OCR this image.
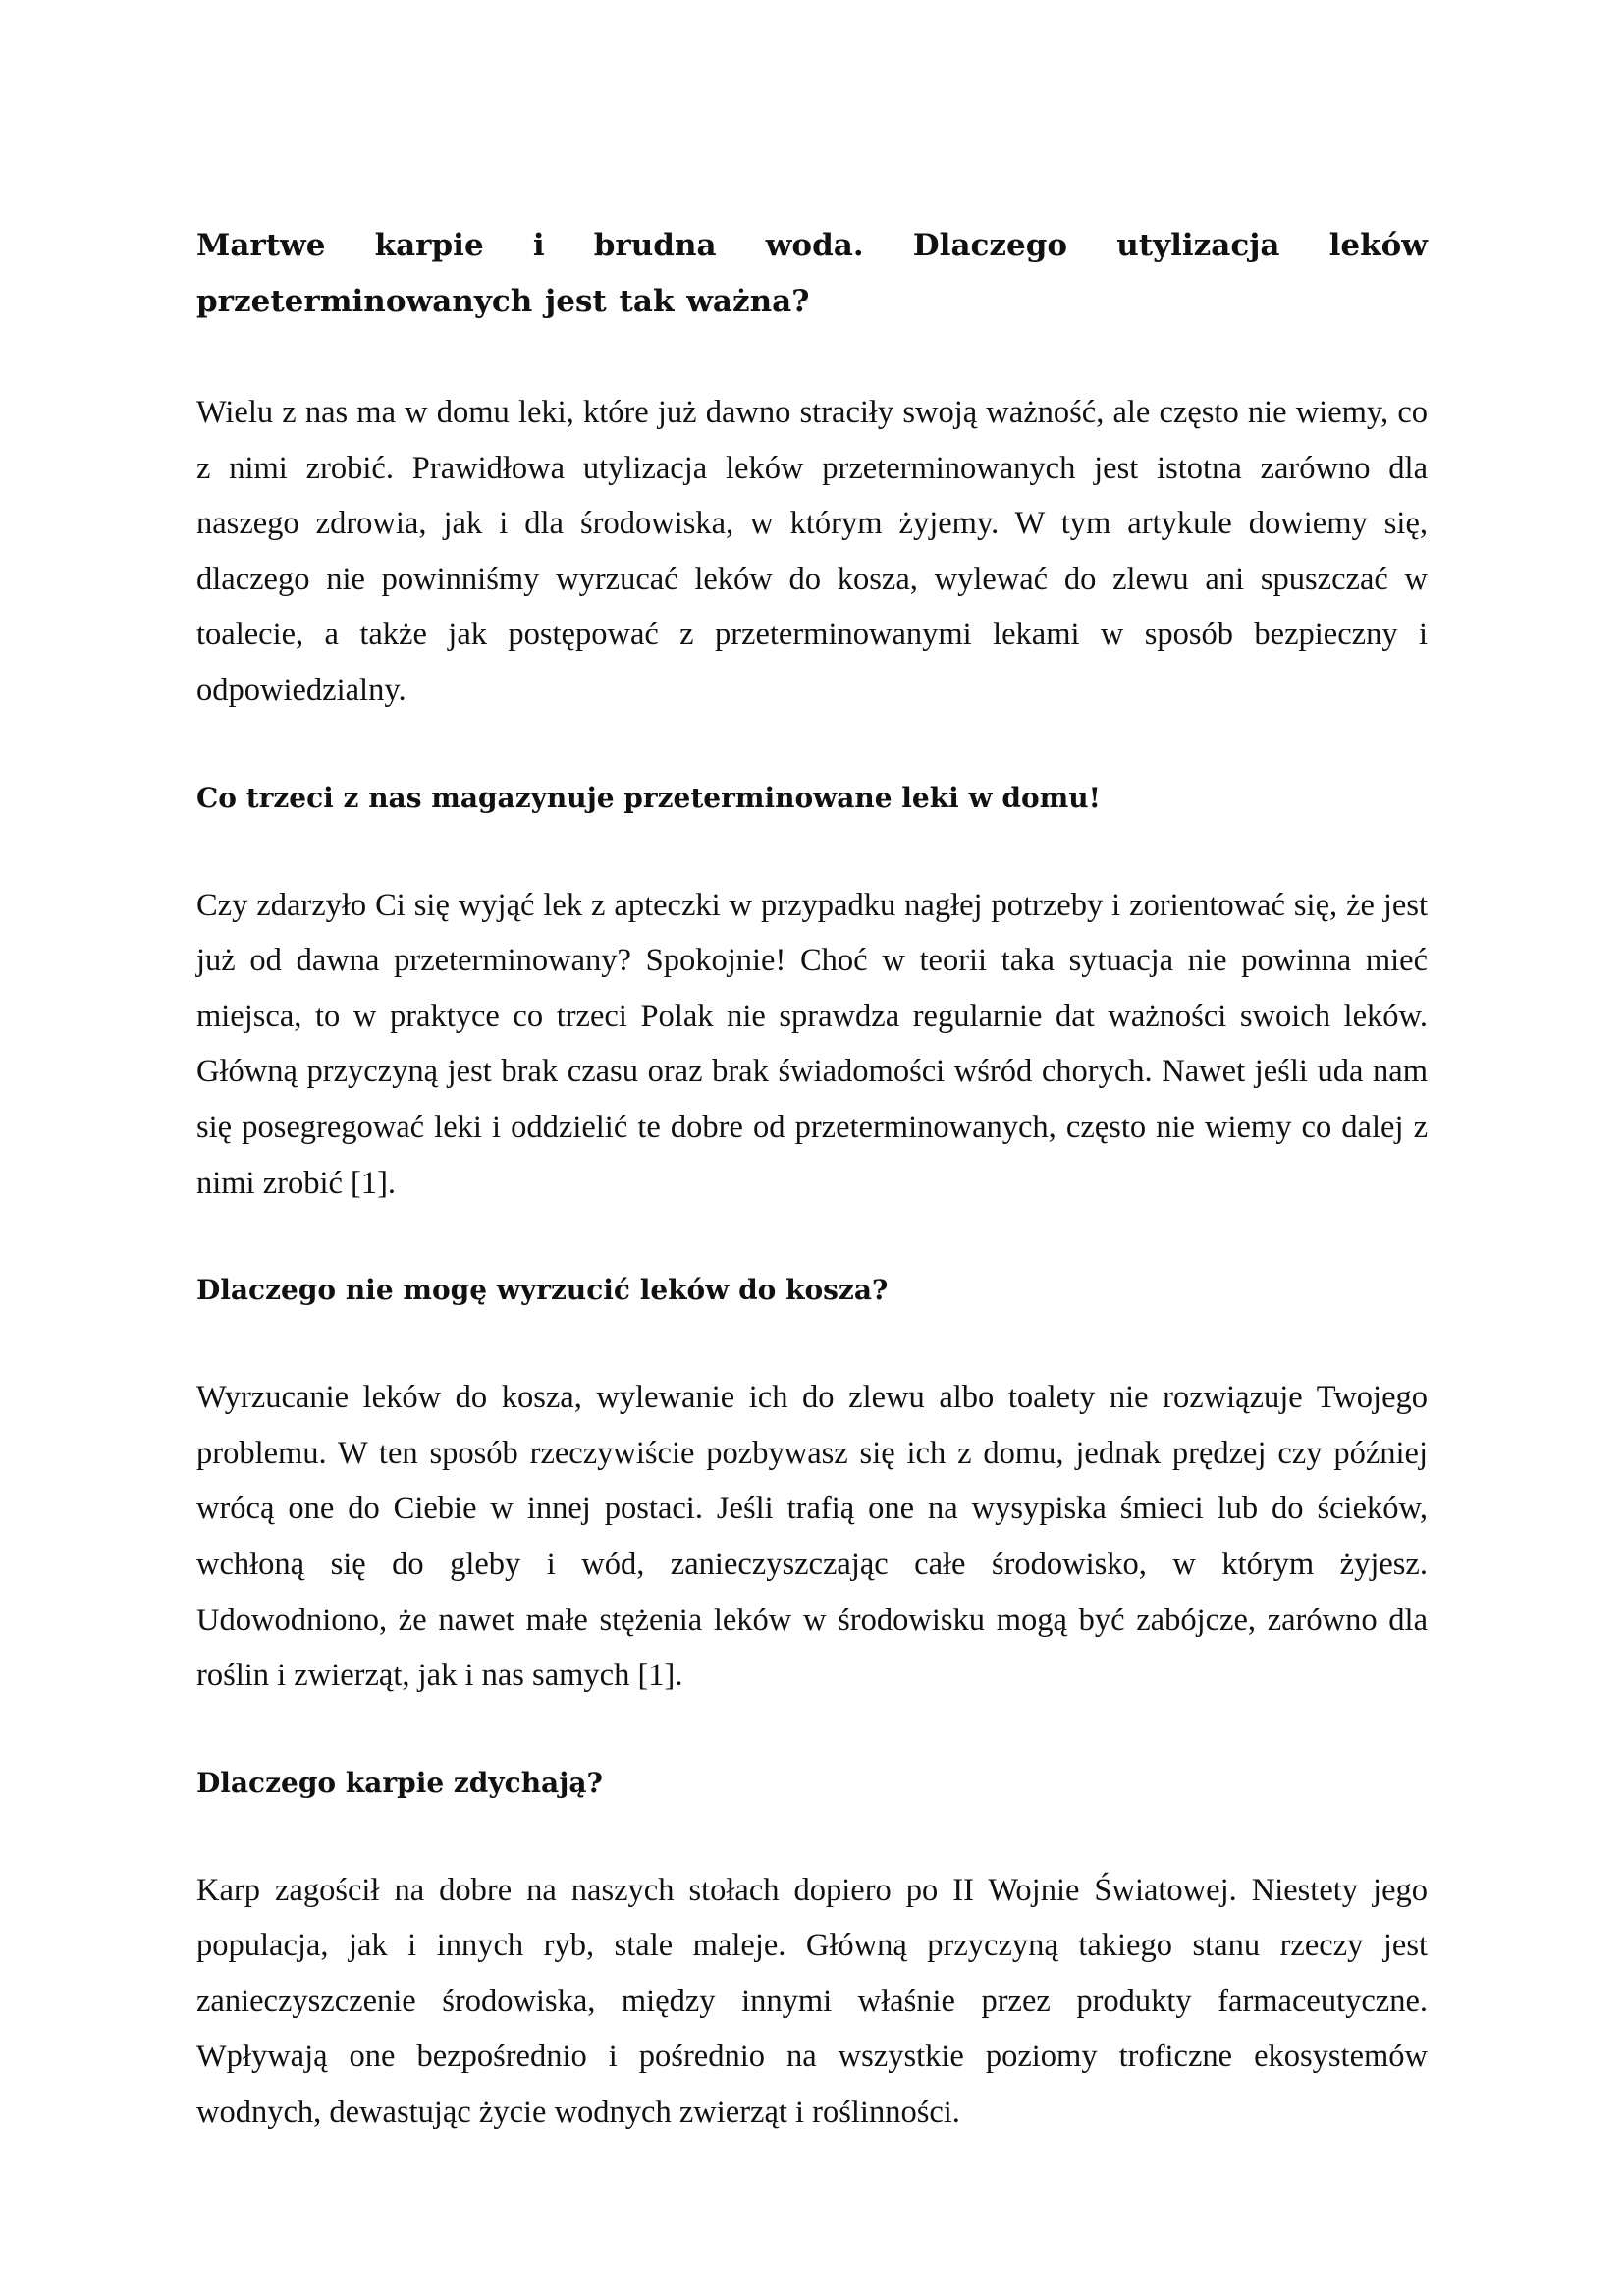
Martwe karpie i brudna woda. Dlaczego utylizacja leków przeterminowanych jest tak ważna?

Wielu z nas ma w domu leki, które już dawno straciły swoją ważność, ale często nie wiemy, co z nimi zrobić. Prawidłowa utylizacja leków przeterminowanych jest istotna zarówno dla naszego zdrowia, jak i dla środowiska, w którym żyjemy. W tym artykule dowiemy się, dlaczego nie powinniśmy wyrzucać leków do kosza, wylewać do zlewu ani spuszczać w toalecie, a także jak postępować z przeterminowanymi lekami w sposób bezpieczny i odpowiedzialny.

Co trzeci z nas magazynuje przeterminowane leki w domu!

Czy zdarzyło Ci się wyjąć lek z apteczki w przypadku nagłej potrzeby i zorientować się, że jest już od dawna przeterminowany? Spokojnie! Choć w teorii taka sytuacja nie powinna mieć miejsca, to w praktyce co trzeci Polak nie sprawdza regularnie dat ważności swoich leków. Główną przyczyną jest brak czasu oraz brak świadomości wśród chorych. Nawet jeśli uda nam się posegregować leki i oddzielić te dobre od przeterminowanych, często nie wiemy co dalej z nimi zrobić [1].

Dlaczego nie mogę wyrzucić leków do kosza?

Wyrzucanie leków do kosza, wylewanie ich do zlewu albo toalety nie rozwiązuje Twojego problemu. W ten sposób rzeczywiście pozbywasz się ich z domu, jednak prędzej czy później wrócą one do Ciebie w innej postaci. Jeśli trafią one na wysypiska śmieci lub do ścieków, wchłoną się do gleby i wód, zanieczyszczając całe środowisko, w którym żyjesz. Udowodniono, że nawet małe stężenia leków w środowisku mogą być zabójcze, zarówno dla roślin i zwierząt, jak i nas samych [1].

Dlaczego karpie zdychają?

Karp zagościł na dobre na naszych stołach dopiero po II Wojnie Światowej. Niestety jego populacja, jak i innych ryb, stale maleje. Główną przyczyną takiego stanu rzeczy jest zanieczyszczenie środowiska, między innymi właśnie przez produkty farmaceutyczne. Wpływają one bezpośrednio i pośrednio na wszystkie poziomy troficzne ekosystemów wodnych, dewastując życie wodnych zwierząt i roślinności.
